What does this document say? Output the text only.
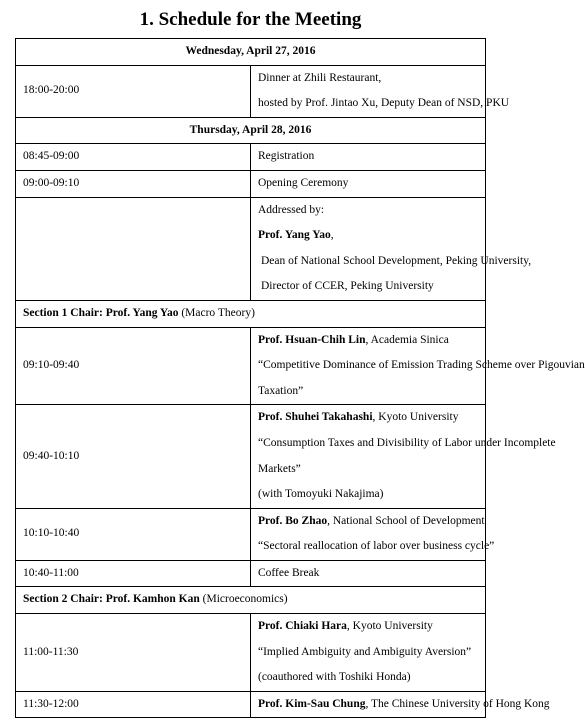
1. Schedule for the Meeting
Wednesday, April 27, 2016	
18:00-20:00	Dinner at Zhili Restaurant,
hosted by Prof. Jintao Xu, Deputy Dean of NSD, PKU

Thursday, April 28, 2016	
08:45-09:00	Registration
09:00-09:10	Opening Ceremony

	Addressed by:
Prof. Yang Yao,
Dean of National School Development, Peking University,
Director of CCER, Peking University

Section 1 Chair: Prof. Yang Yao (Macro Theory)	
09:10-09:40	Prof. Hsuan-Chih Lin, Academia Sinica
“Competitive Dominance of Emission Trading Scheme over Pigouvian
Taxation”

09:40-10:10	Prof. Shuhei Takahashi, Kyoto University
“Consumption Taxes and Divisibility of Labor under Incomplete
Markets”
(with Tomoyuki Nakajima)

10:10-10:40	Prof. Bo Zhao, National School of Development
“Sectoral reallocation of labor over business cycle”

10:40-11:00	Coffee Break
Section 2 Chair: Prof. Kamhon Kan (Microeconomics)	
11:00-11:30	Prof. Chiaki Hara, Kyoto University
“Implied Ambiguity and Ambiguity Aversion”
(coauthored with Toshiki Honda)

11:30-12:00	Prof. Kim-Sau Chung, The Chinese University of Hong Kong
